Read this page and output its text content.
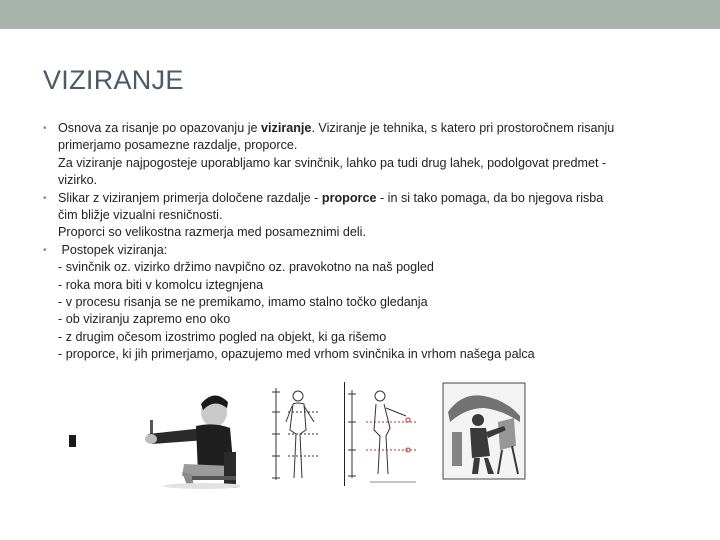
VIZIRANJE
• Osnova za risanje po opazovanju je viziranje. Viziranje je tehnika, s katero pri prostoročnem risanju
primerjamo posamezne razdalje, proporce.
Za viziranje najpogosteje uporabljamo kar svinčnik, lahko pa tudi drug lahek, podolgovat predmet -
vizirko.
• Slikar z viziranjem primerja določene razdalje - proporce - in si tako pomaga, da bo njegova risba
čim bližje vizualni resničnosti.
Proporci so velikostna razmerja med posameznimi deli.
• Postopek viziranja:
- svinčnik oz. vizirko držimo navpično oz. pravokotno na naš pogled
- roka mora biti v komolcu iztegnjena
- v procesu risanja se ne premikamo, imamo stalno točko gledanja
- ob viziranju zapremo eno oko
- z drugim očesom izostrimo pogled na objekt, ki ga rišemo
- proporce, ki jih primerjamo, opazujemo med vrhom svinčnika in vrhom našega palca
